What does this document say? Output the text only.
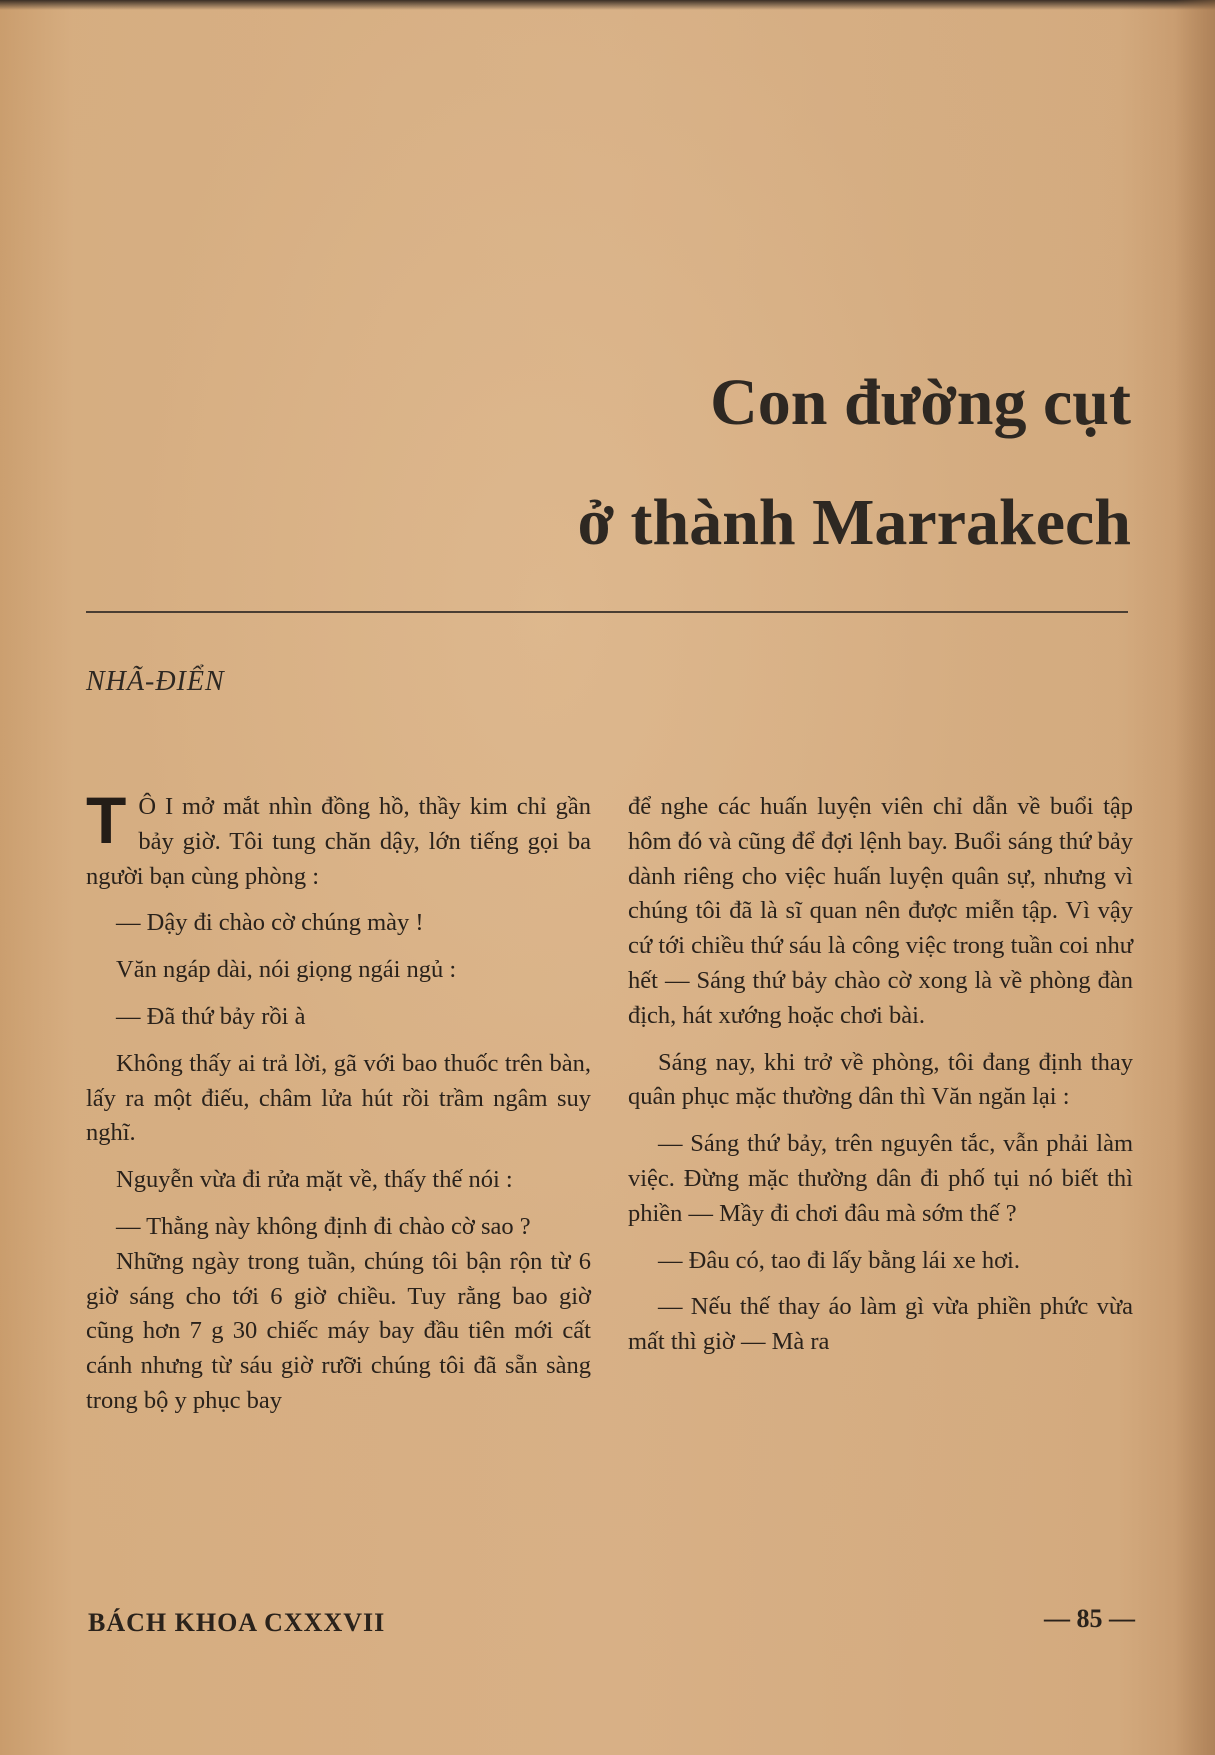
Con đường cụt
ở thành Marrakech
NHÃ-ĐIỂN

T Ô I mở mắt nhìn đồng hồ, thầy kim chỉ gần bảy giờ. Tôi tung chăn dậy, lớn tiếng gọi ba người bạn cùng phòng :

— Dậy đi chào cờ chúng mày !

Văn ngáp dài, nói giọng ngái ngủ :

— Đã thứ bảy rồi à

Không thấy ai trả lời, gã với bao thuốc trên bàn, lấy ra một điếu, châm lửa hút rồi trầm ngâm suy nghĩ.

Nguyễn vừa đi rửa mặt về, thấy thế nói :

— Thằng này không định đi chào cờ sao ?

Những ngày trong tuần, chúng tôi bận rộn từ 6 giờ sáng cho tới 6 giờ chiều. Tuy rằng bao giờ cũng hơn 7 g 30 chiếc máy bay đầu tiên mới cất cánh nhưng từ sáu giờ rưỡi chúng tôi đã sẵn sàng trong bộ y phục bay

để nghe các huấn luyện viên chỉ dẫn về buổi tập hôm đó và cũng để đợi lệnh bay. Buổi sáng thứ bảy dành riêng cho việc huấn luyện quân sự, nhưng vì chúng tôi đã là sĩ quan nên được miễn tập. Vì vậy cứ tới chiều thứ sáu là công việc trong tuần coi như hết — Sáng thứ bảy chào cờ xong là về phòng đàn địch, hát xướng hoặc chơi bài.

Sáng nay, khi trở về phòng, tôi đang định thay quân phục mặc thường dân thì Văn ngăn lại :

— Sáng thứ bảy, trên nguyên tắc, vẫn phải làm việc. Đừng mặc thường dân đi phố tụi nó biết thì phiền — Mầy đi chơi đâu mà sớm thế ?

— Đâu có, tao đi lấy bằng lái xe hơi.

— Nếu thế thay áo làm gì vừa phiền phức vừa mất thì giờ — Mà ra

BÁCH KHOA CXXXVII	— 85 —
